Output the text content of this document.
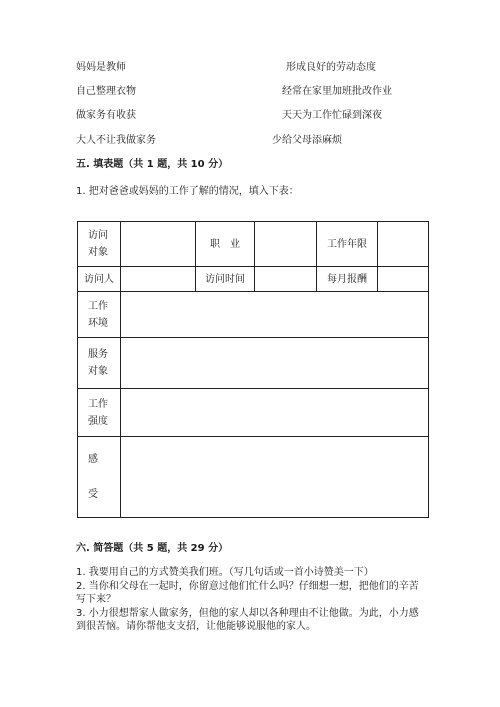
妈妈是教师	形成良好的劳动态度
自己整理衣物	经常在家里加班批改作业
做家务有收获	天天为工作忙碌到深夜
大人不让我做家务	少给父母添麻烦
五. 填表题（共 1 题，共 10 分）
1. 把对爸爸或妈妈的工作了解的情况，填入下表：
访问对象		职　业		工作年限	
访问人		访问时间		每月报酬	

工作
环境					

服务
对象					

工作
强度					

感
受					

六. 简答题（共 5 题，共 29 分）
1. 我要用自己的方式赞美我们班。（写几句话或一首小诗赞美一下）
2. 当你和父母在一起时，你留意过他们忙什么吗？仔细想一想，把他们的辛苦写下来？
3. 小力很想帮家人做家务，但他的家人却以各种理由不让他做。为此，小力感到很苦恼。请你帮他支支招，让他能够说服他的家人。
